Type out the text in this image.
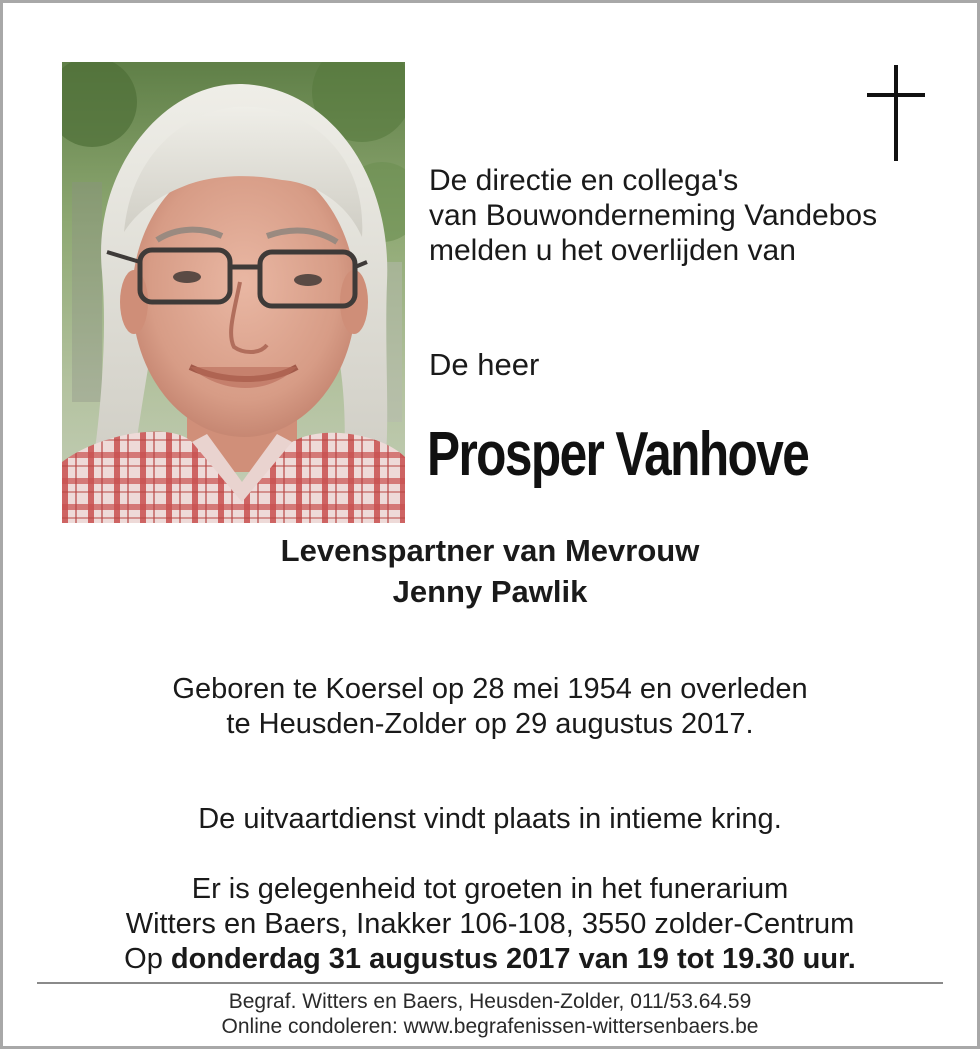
De directie en collega's
van Bouwonderneming Vandebos
melden u het overlijden van
De heer
Prosper Vanhove
Levenspartner van Mevrouw
Jenny Pawlik
Geboren te Koersel op 28 mei 1954 en overleden
te Heusden-Zolder op 29 augustus 2017.
De uitvaartdienst vindt plaats in intieme kring.
Er is gelegenheid tot groeten in het funerarium
Witters en Baers, Inakker 106-108, 3550 zolder-Centrum
Op donderdag 31 augustus 2017 van 19 tot 19.30 uur.
Begraf. Witters en Baers, Heusden-Zolder, 011/53.64.59
Online condoleren: www.begrafenissen-wittersenbaers.be
